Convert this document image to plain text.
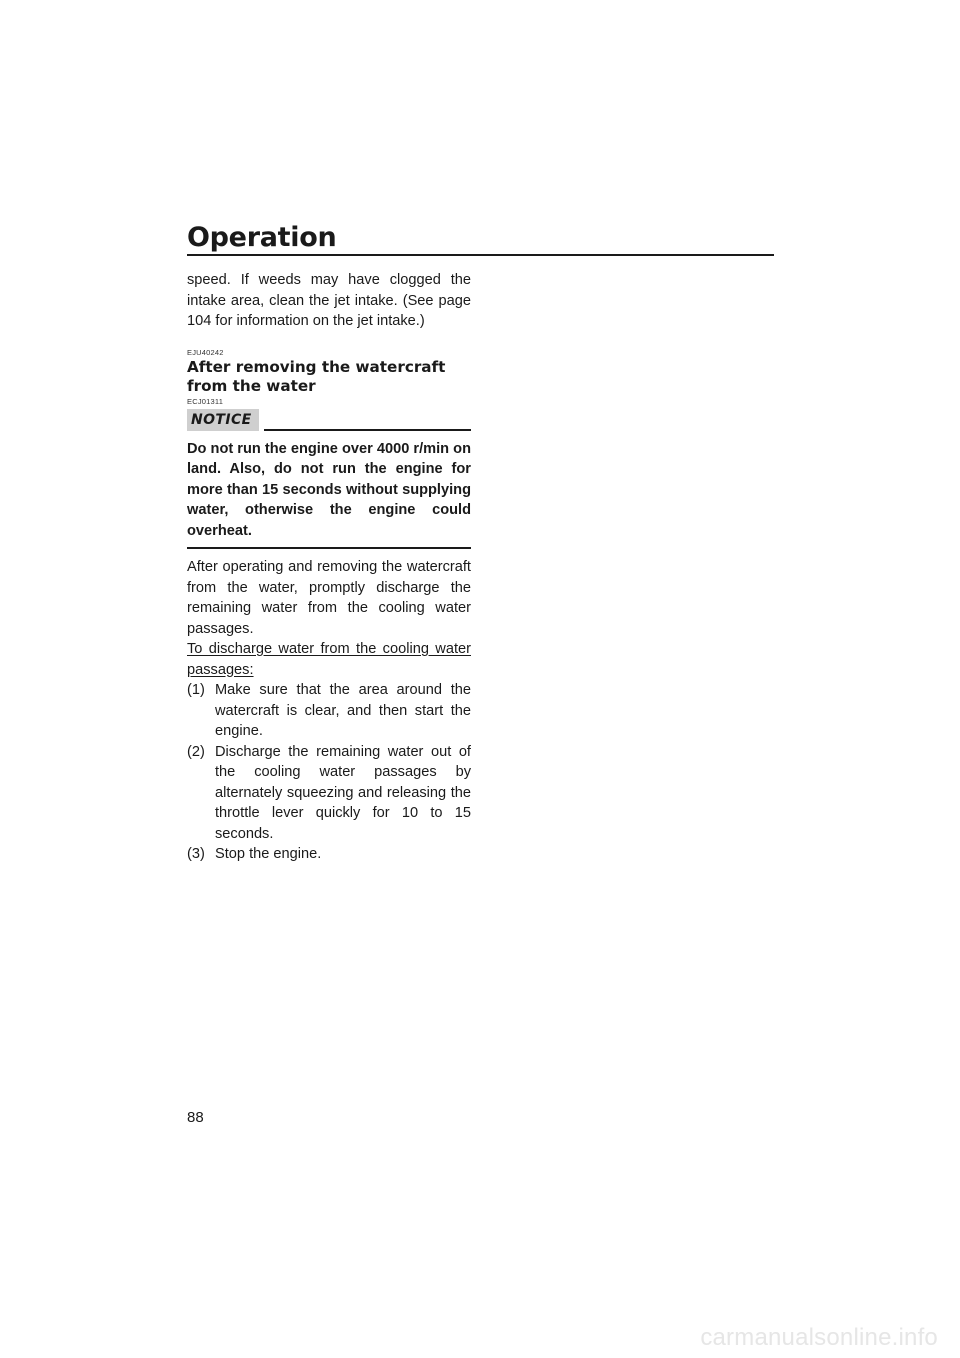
Operation
88

speed. If weeds may have clogged the intake area, clean the jet intake. (See page 104 for information on the jet intake.)

EJU40242
After removing the watercraft from the water
ECJ01311
NOTICE

Do not run the engine over 4000 r/min on land. Also, do not run the engine for more than 15 seconds without supplying water, otherwise the engine could overheat.

After operating and removing the watercraft from the water, promptly discharge the remaining water from the cooling water passages.

To discharge water from the cooling water passages:

(1) Make sure that the area around the watercraft is clear, and then start the engine.
(2) Discharge the remaining water out of the cooling water passages by alternately squeezing and releasing the throttle lever quickly for 10 to 15 seconds.
(3) Stop the engine.
carmanualsonline.info
